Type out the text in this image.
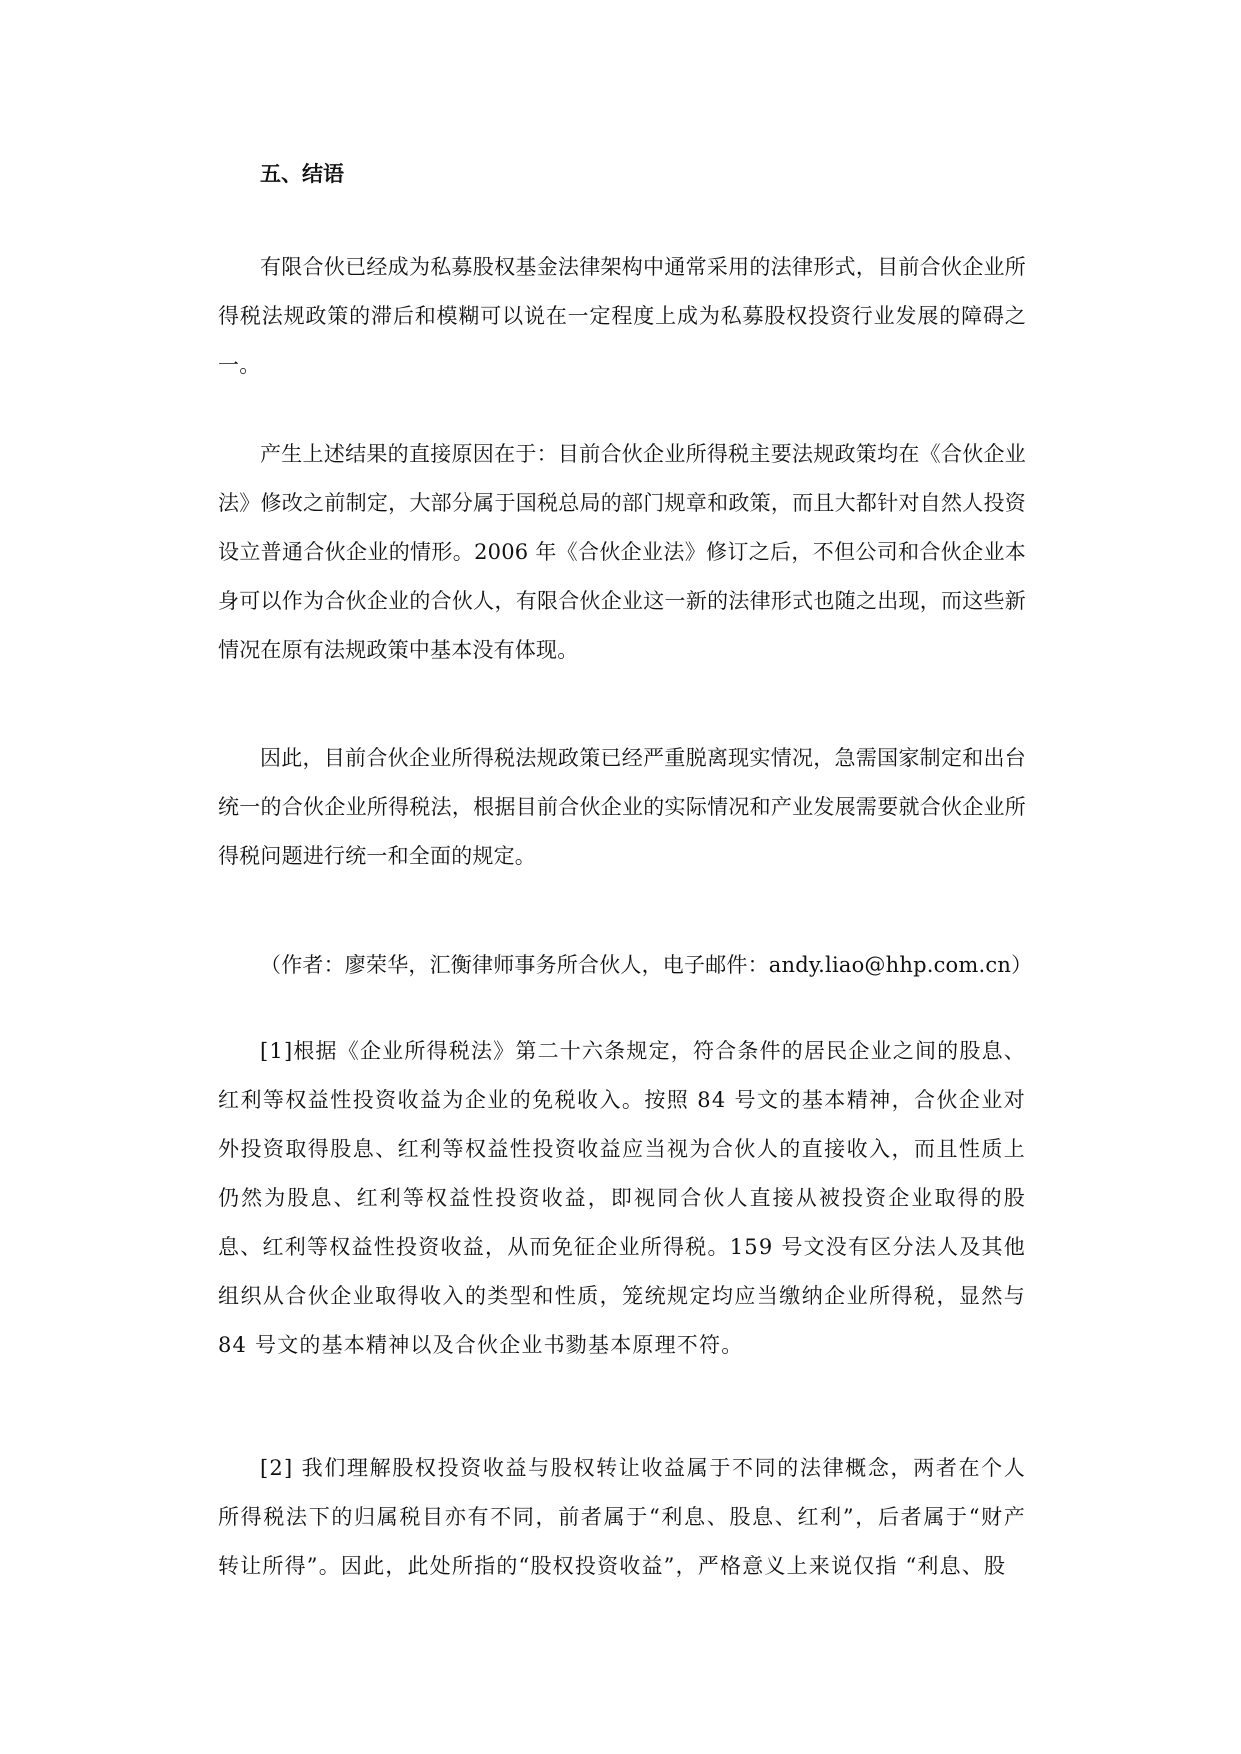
五、结语

有限合伙已经成为私募股权基金法律架构中通常采用的法律形式，目前合伙企业所得税法规政策的滞后和模糊可以说在一定程度上成为私募股权投资行业发展的障碍之一。

产生上述结果的直接原因在于：目前合伙企业所得税主要法规政策均在《合伙企业法》修改之前制定，大部分属于国税总局的部门规章和政策，而且大都针对自然人投资设立普通合伙企业的情形。2006 年《合伙企业法》修订之后，不但公司和合伙企业本身可以作为合伙企业的合伙人，有限合伙企业这一新的法律形式也随之出现，而这些新情况在原有法规政策中基本没有体现。

因此，目前合伙企业所得税法规政策已经严重脱离现实情况，急需国家制定和出台统一的合伙企业所得税法，根据目前合伙企业的实际情况和产业发展需要就合伙企业所得税问题进行统一和全面的规定。

（作者：廖荣华，汇衡律师事务所合伙人，电子邮件：andy.liao@hhp.com.cn）

[1]根据《企业所得税法》第二十六条规定，符合条件的居民企业之间的股息、红利等权益性投资收益为企业的免税收入。按照 84 号文的基本精神，合伙企业对外投资取得股息、红利等权益性投资收益应当视为合伙人的直接收入，而且性质上仍然为股息、红利等权益性投资收益，即视同合伙人直接从被投资企业取得的股息、红利等权益性投资收益，从而免征企业所得税。159 号文没有区分法人及其他组织从合伙企业取得收入的类型和性质，笼统规定均应当缴纳企业所得税，显然与 84 号文的基本精神以及合伙企业书勠基本原理不符。

[2] 我们理解股权投资收益与股权转让收益属于不同的法律概念，两者在个人所得税法下的归属税目亦有不同，前者属于“利息、股息、红利”，后者属于“财产转让所得”。因此，此处所指的“股权投资收益”，严格意义上来说仅指 “利息、股
